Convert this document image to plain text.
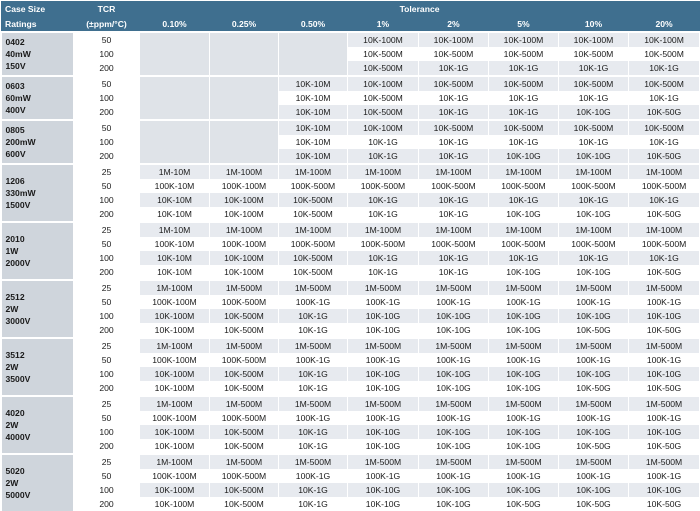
Case Size	TCR	Tolerance							
Ratings	(±ppm/°C)	0.10%	0.25%	0.50%	1%	2%	5%	10%	20%

0402
40mW
150V	50				10K-100M	10K-100M	10K-100M	10K-100M	10K-100M
	100				10K-500M	10K-500M	10K-500M	10K-500M	10K-500M
	200				10K-500M	10K-1G	10K-1G	10K-1G	10K-1G

0603
60mW
400V	50			10K-10M	10K-100M	10K-500M	10K-500M	10K-500M	10K-500M
	100			10K-10M	10K-500M	10K-1G	10K-1G	10K-1G	10K-1G
	200			10K-10M	10K-500M	10K-1G	10K-1G	10K-10G	10K-50G

0805
200mW
600V	50			10K-10M	10K-100M	10K-500M	10K-500M	10K-500M	10K-500M
	100			10K-10M	10K-1G	10K-1G	10K-1G	10K-1G	10K-1G
	200			10K-10M	10K-1G	10K-1G	10K-10G	10K-10G	10K-50G

1206
330mW
1500V	25	1M-10M	1M-100M	1M-100M	1M-100M	1M-100M	1M-100M	1M-100M	1M-100M
	50	100K-10M	100K-100M	100K-500M	100K-500M	100K-500M	100K-500M	100K-500M	100K-500M
	100	10K-10M	10K-100M	10K-500M	10K-1G	10K-1G	10K-1G	10K-1G	10K-1G
	200	10K-10M	10K-100M	10K-500M	10K-1G	10K-1G	10K-10G	10K-10G	10K-50G

2010
1W
2000V	25	1M-10M	1M-100M	1M-100M	1M-100M	1M-100M	1M-100M	1M-100M	1M-100M
	50	100K-10M	100K-100M	100K-500M	100K-500M	100K-500M	100K-500M	100K-500M	100K-500M
	100	10K-10M	10K-100M	10K-500M	10K-1G	10K-1G	10K-1G	10K-1G	10K-1G
	200	10K-10M	10K-100M	10K-500M	10K-1G	10K-1G	10K-10G	10K-10G	10K-50G

2512
2W
3000V	25	1M-100M	1M-500M	1M-500M	1M-500M	1M-500M	1M-500M	1M-500M	1M-500M
	50	100K-100M	100K-500M	100K-1G	100K-1G	100K-1G	100K-1G	100K-1G	100K-1G
	100	10K-100M	10K-500M	10K-1G	10K-10G	10K-10G	10K-10G	10K-10G	10K-10G
	200	10K-100M	10K-500M	10K-1G	10K-10G	10K-10G	10K-10G	10K-50G	10K-50G

3512
2W
3500V	25	1M-100M	1M-500M	1M-500M	1M-500M	1M-500M	1M-500M	1M-500M	1M-500M
	50	100K-100M	100K-500M	100K-1G	100K-1G	100K-1G	100K-1G	100K-1G	100K-1G
	100	10K-100M	10K-500M	10K-1G	10K-10G	10K-10G	10K-10G	10K-10G	10K-10G
	200	10K-100M	10K-500M	10K-1G	10K-10G	10K-10G	10K-10G	10K-50G	10K-50G

4020
2W
4000V	25	1M-100M	1M-500M	1M-500M	1M-500M	1M-500M	1M-500M	1M-500M	1M-500M
	50	100K-100M	100K-500M	100K-1G	100K-1G	100K-1G	100K-1G	100K-1G	100K-1G
	100	10K-100M	10K-500M	10K-1G	10K-10G	10K-10G	10K-10G	10K-10G	10K-10G
	200	10K-100M	10K-500M	10K-1G	10K-10G	10K-10G	10K-10G	10K-50G	10K-50G

5020
2W
5000V	25	1M-100M	1M-500M	1M-500M	1M-500M	1M-500M	1M-500M	1M-500M	1M-500M
	50	100K-100M	100K-500M	100K-1G	100K-1G	100K-1G	100K-1G	100K-1G	100K-1G
	100	10K-100M	10K-500M	10K-1G	10K-10G	10K-10G	10K-10G	10K-10G	10K-10G
	200	10K-100M	10K-500M	10K-1G	10K-10G	10K-10G	10K-50G	10K-50G	10K-50G
